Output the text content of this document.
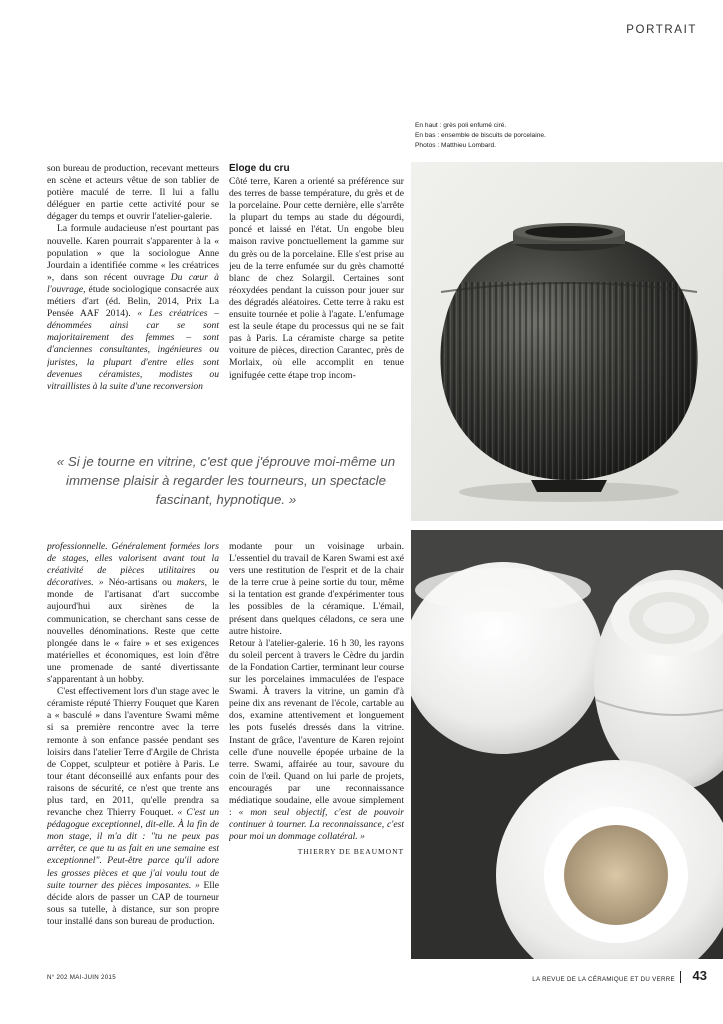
PORTRAIT
En haut : grès poli enfumé ciré.
En bas : ensemble de biscuits de porcelaine.
Photos : Matthieu Lombard.

son bureau de production, recevant metteurs en scène et acteurs vêtue de son tablier de potière maculé de terre. Il lui a fallu déléguer en partie cette activité pour se dégager du temps et ouvrir l'atelier-galerie.

La formule audacieuse n'est pourtant pas nouvelle. Karen pourrait s'apparenter à la « population » que la sociologue Anne Jourdain a identifiée comme « les créatrices », dans son récent ouvrage Du cœur à l'ouvrage, étude sociologique consacrée aux métiers d'art (éd. Belin, 2014, Prix La Pensée AAF 2014). « Les créatrices – dénommées ainsi car se sont majoritairement des femmes – sont d'anciennes consultantes, ingénieures ou juristes, la plupart d'entre elles sont devenues céramistes, modistes ou vitraillistes à la suite d'une reconversion

Éloge du cru

Côté terre, Karen a orienté sa préférence sur des terres de basse température, du grès et de la porcelaine. Pour cette dernière, elle s'arrête la plupart du temps au stade du dégourdi, poncé et laissé en l'état. Un engobe bleu maison ravive ponctuellement la gamme sur du grès ou de la porcelaine. Elle s'est prise au jeu de la terre enfumée sur du grès chamotté blanc de chez Solargil. Certaines sont réoxydées pendant la cuisson pour jouer sur des dégradés aléatoires. Cette terre à raku est ensuite tournée et polie à l'agate. L'enfumage est la seule étape du processus qui ne se fait pas à Paris. La céramiste charge sa petite voiture de pièces, direction Carantec, près de Morlaix, où elle accomplit en tenue ignifugée cette étape trop incom-

« Si je tourne en vitrine, c'est que j'éprouve moi-même un immense plaisir à regarder les tourneurs, un spectacle fascinant, hypnotique. »

professionnelle. Généralement formées lors de stages, elles valorisent avant tout la créativité de pièces utilitaires ou décoratives. » Néo-artisans ou makers, le monde de l'artisanat d'art succombe aujourd'hui aux sirènes de la communication, se cherchant sans cesse de nouvelles dénominations. Reste que cette plongée dans le « faire » et ses exigences matérielles et économiques, est loin d'être une promenade de santé divertissante s'apparentant à un hobby.

C'est effectivement lors d'un stage avec le céramiste réputé Thierry Fouquet que Karen a « basculé » dans l'aventure Swami même si sa première rencontre avec la terre remonte à son enfance passée pendant ses loisirs dans l'atelier Terre d'Argile de Christa de Coppet, sculpteur et potière à Paris. Le tour étant déconseillé aux enfants pour des raisons de sécurité, ce n'est que trente ans plus tard, en 2011, qu'elle prendra sa revanche chez Thierry Fouquet. « C'est un pédagogue exceptionnel, dit-elle. À la fin de mon stage, il m'a dit : "tu ne peux pas arrêter, ce que tu as fait en une semaine est exceptionnel". Peut-être parce qu'il adore les grosses pièces et que j'ai voulu tout de suite tourner des pièces imposantes. » Elle décide alors de passer un CAP de tourneur sous sa tutelle, à distance, sur son propre tour installé dans son bureau de production.

modante pour un voisinage urbain. L'essentiel du travail de Karen Swami est axé vers une restitution de l'esprit et de la chair de la terre crue à peine sortie du tour, même si la tentation est grande d'expérimenter tous les possibles de la céramique. L'émail, présent dans quelques céladons, ce sera une autre histoire.

Retour à l'atelier-galerie. 16 h 30, les rayons du soleil percent à travers le Cèdre du jardin de la Fondation Cartier, terminant leur course sur les porcelaines immaculées de l'espace Swami. À travers la vitrine, un gamin d'à peine dix ans revenant de l'école, cartable au dos, examine attentivement et longuement les pots fuselés dressés dans la vitrine. Instant de grâce, l'aventure de Karen rejoint celle d'une nouvelle épopée urbaine de la terre. Swami, affairée au tour, savoure du coin de l'œil. Quand on lui parle de projets, encouragés par une reconnaissance médiatique soudaine, elle avoue simplement : « mon seul objectif, c'est de pouvoir continuer à tourner. La reconnaissance, c'est pour moi un dommage collatéral. »

THIERRY DE BEAUMONT

N° 202 MAI-JUIN 2015	LA REVUE DE LA CÉRAMIQUE ET DU VERRE 43
